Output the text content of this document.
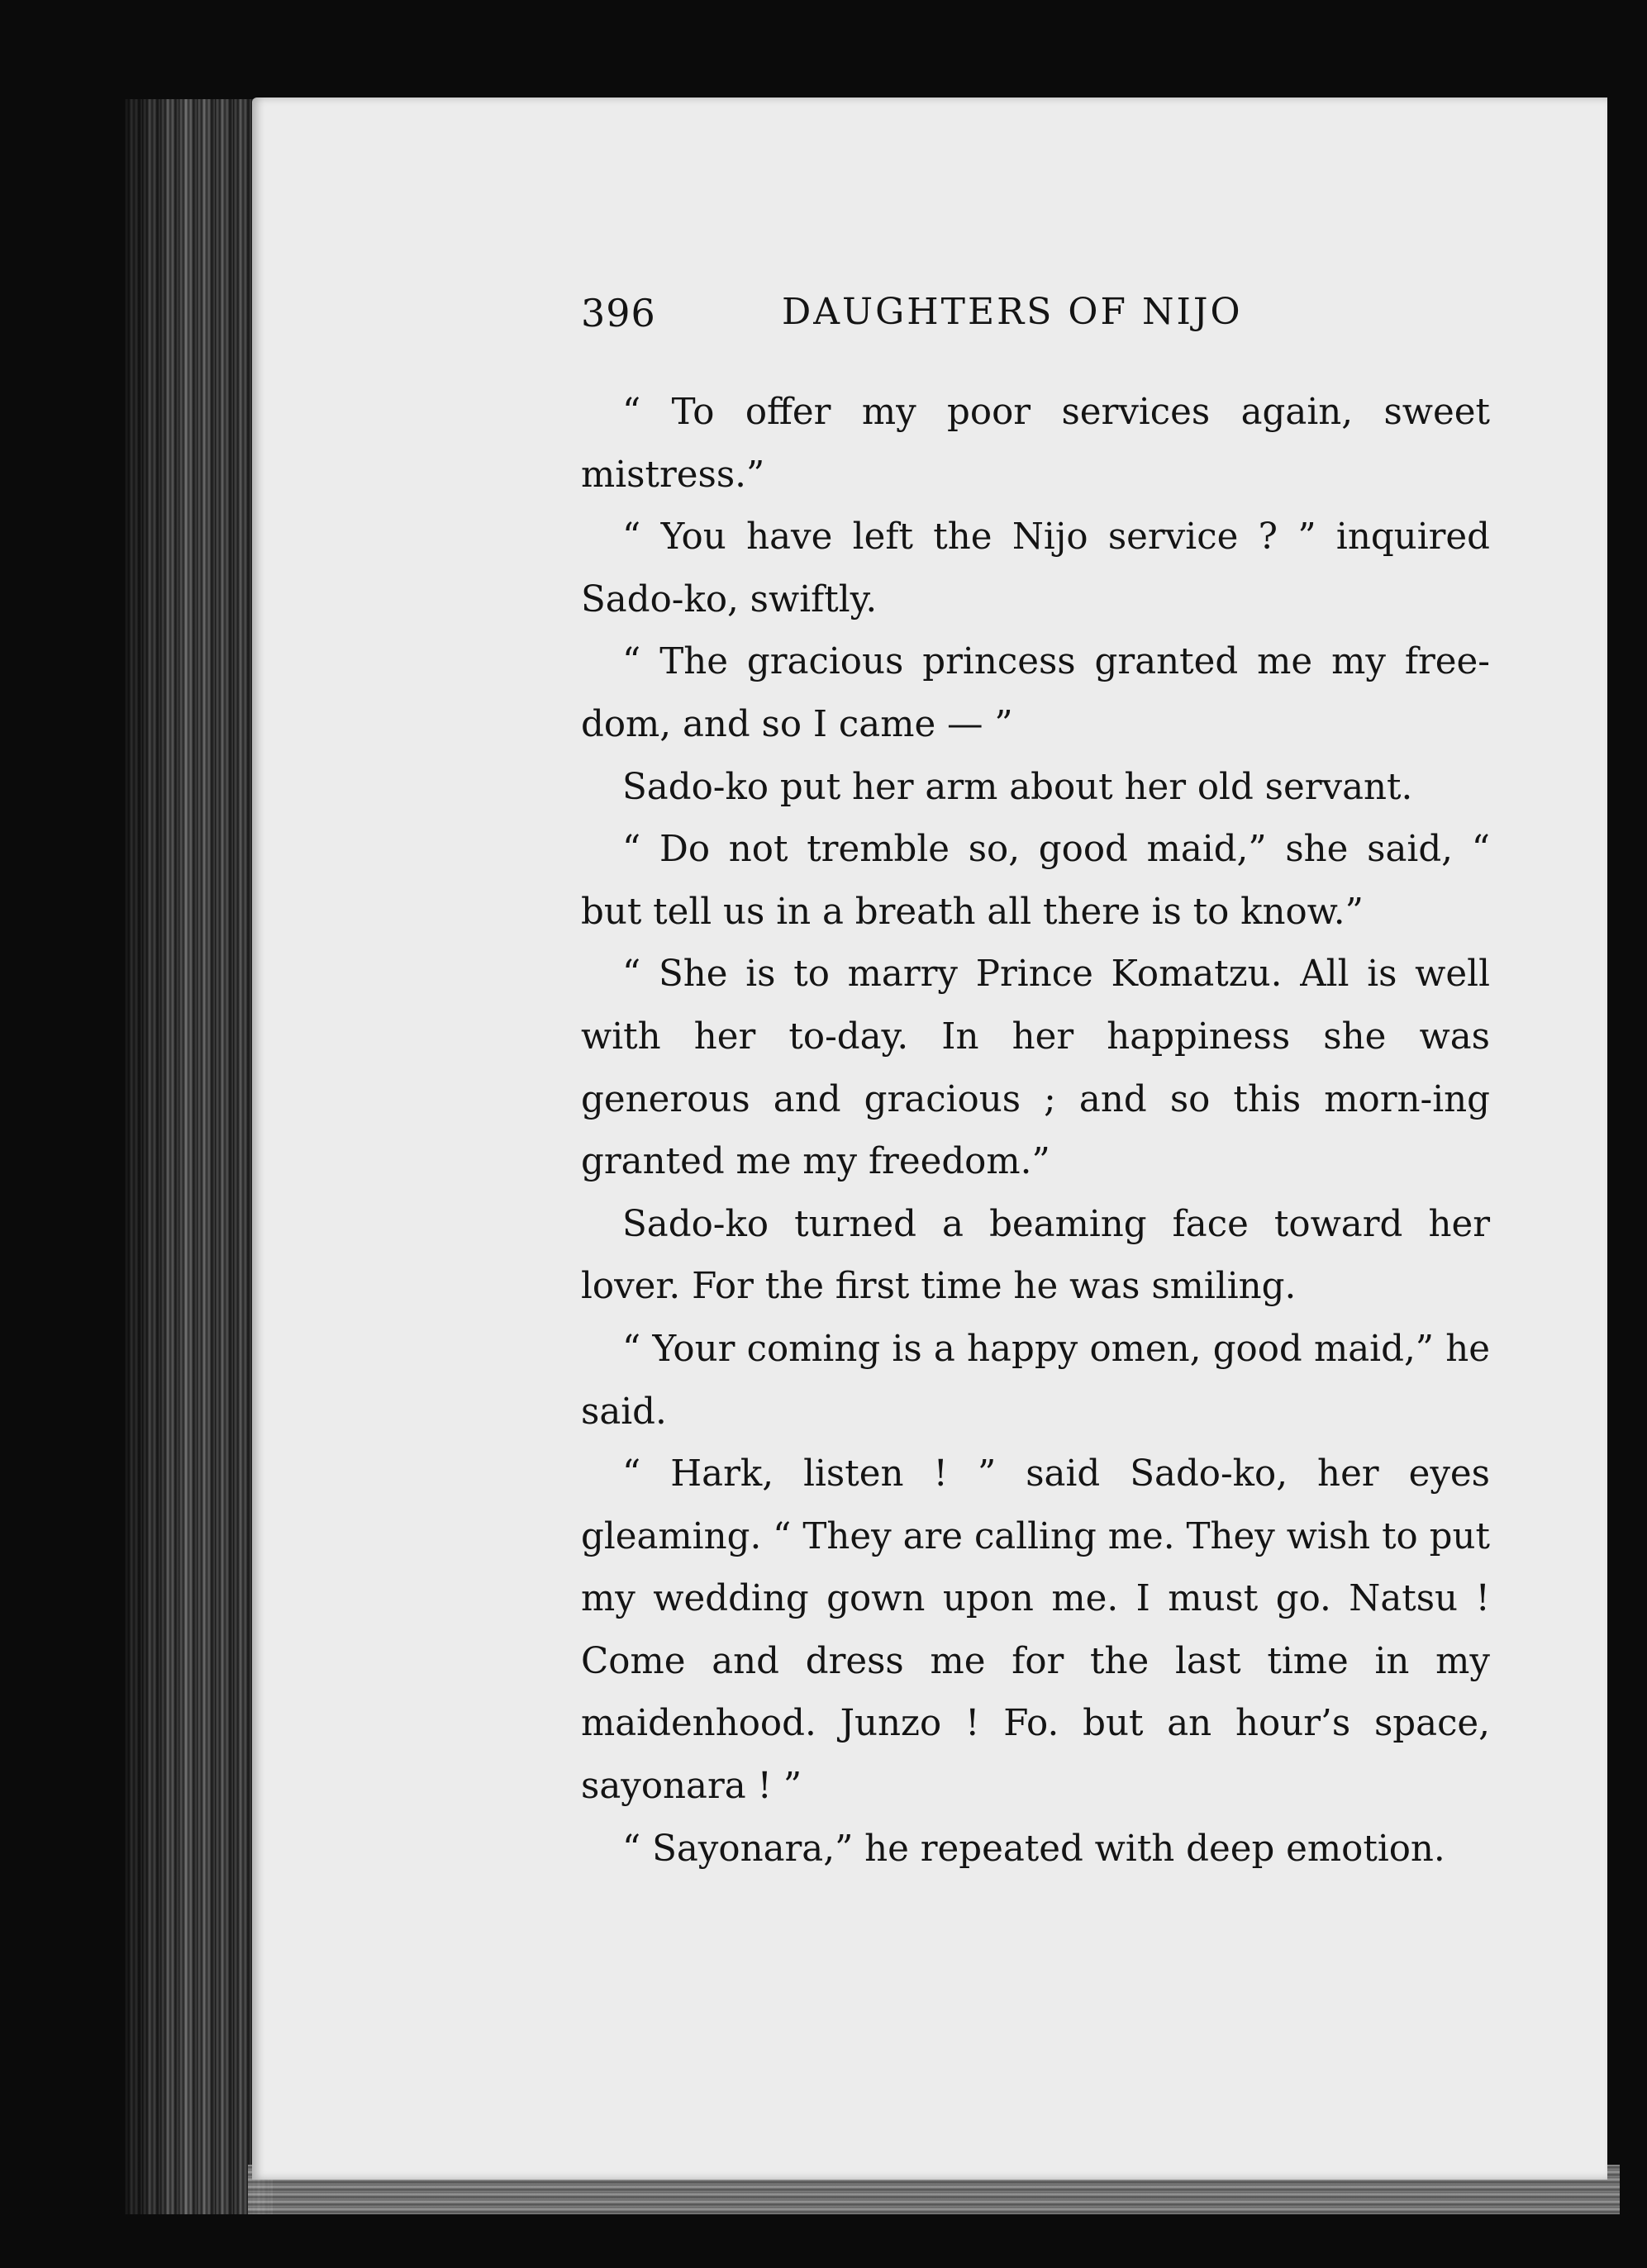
396	DAUGHTERS OF NIJO

“ To offer my poor services again, sweet mistress.”

“ You have left the Nijo service ? ” inquired Sado-ko, swiftly.

“ The gracious princess granted me my free-dom, and so I came — ”

Sado-ko put her arm about her old servant.

“ Do not tremble so, good maid,” she said, “ but tell us in a breath all there is to know.”

“ She is to marry Prince Komatzu. All is well with her to-day. In her happiness she was generous and gracious ; and so this morn-ing granted me my freedom.”

Sado-ko turned a beaming face toward her lover. For the first time he was smiling.

“ Your coming is a happy omen, good maid,” he said.

“ Hark, listen ! ” said Sado-ko, her eyes gleaming. “ They are calling me. They wish to put my wedding gown upon me. I must go. Natsu ! Come and dress me for the last time in my maidenhood. Junzo ! Fo. but an hour’s space, sayonara ! ”

“ Sayonara,” he repeated with deep emotion.
